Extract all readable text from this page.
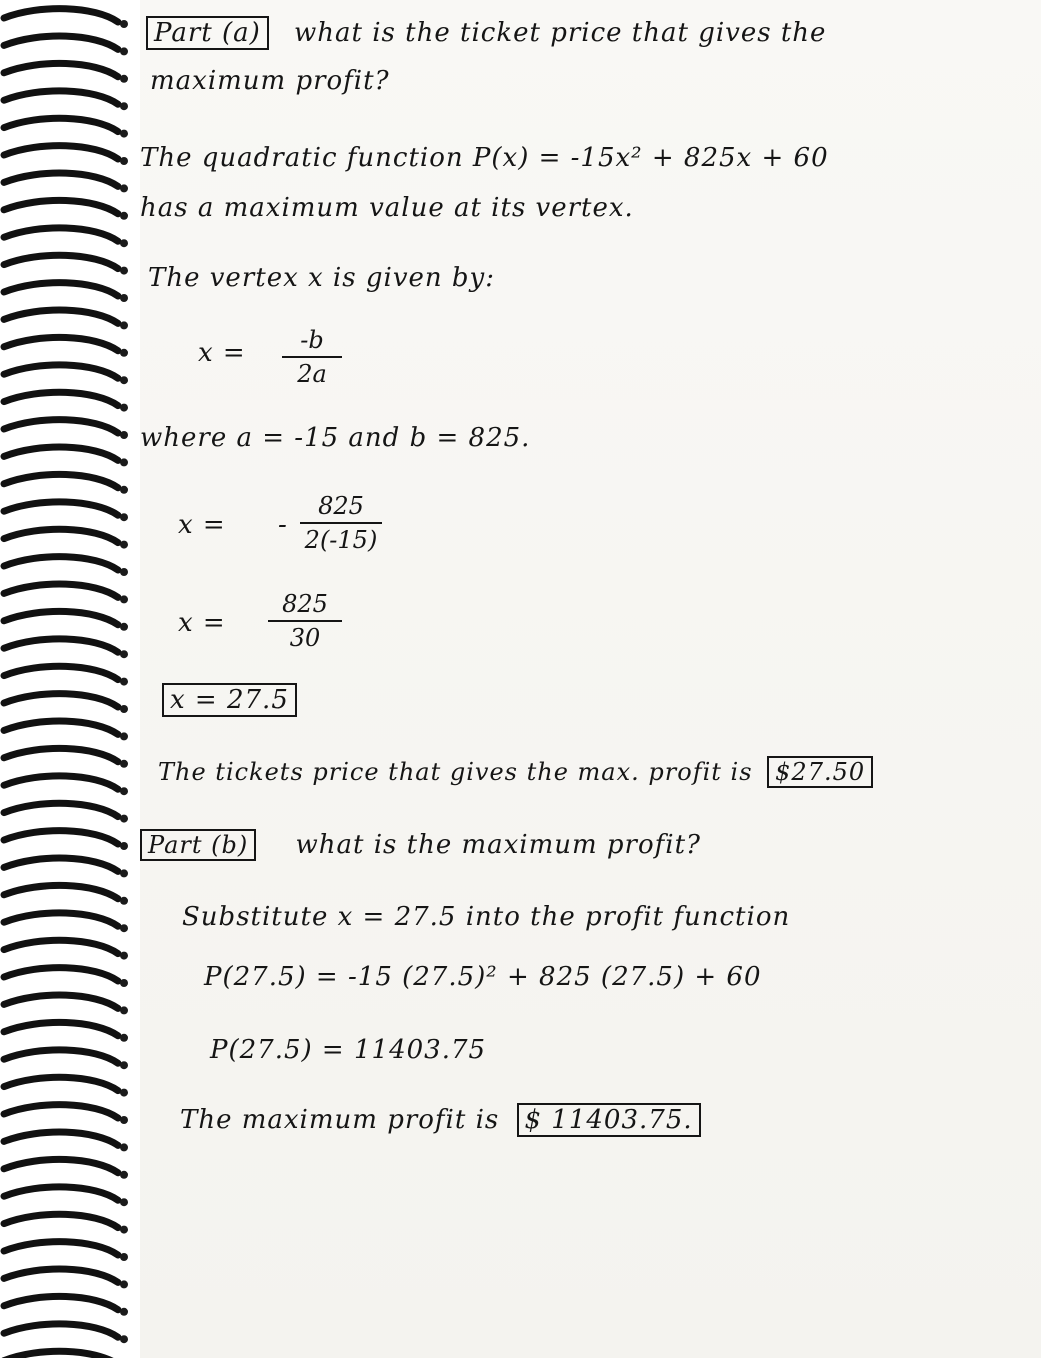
Part (a) what is the ticket price that gives the
maximum profit?
The quadratic function P(x) = -15x² + 825x + 60
has a maximum value at its vertex.
The vertex x is given by:
x =	-b
2a
where a = -15 and b = 825.
x = -
825
2(-15)
x =
825
30
x = 27.5
The tickets price that gives the max. profit is $27.50
Part (b) what is the maximum profit?
Substitute x = 27.5 into the profit function
P(27.5) = -15 (27.5)² + 825 (27.5) + 60
P(27.5) = 11403.75
The maximum profit is $ 11403.75.
